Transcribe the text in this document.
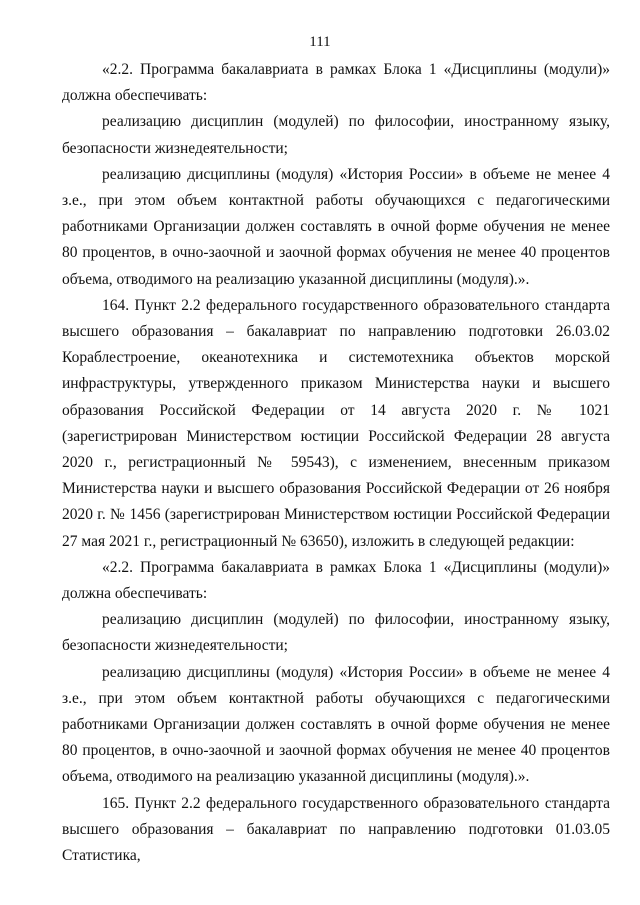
111

«2.2. Программа бакалавриата в рамках Блока 1 «Дисциплины (модули)» должна обеспечивать:

реализацию дисциплин (модулей) по философии, иностранному языку, безопасности жизнедеятельности;

реализацию дисциплины (модуля) «История России» в объеме не менее 4 з.е., при этом объем контактной работы обучающихся с педагогическими работниками Организации должен составлять в очной форме обучения не менее 80 процентов, в очно-заочной и заочной формах обучения не менее 40 процентов объема, отводимого на реализацию указанной дисциплины (модуля).».

164. Пункт 2.2 федерального государственного образовательного стандарта высшего образования – бакалавриат по направлению подготовки 26.03.02 Кораблестроение, океанотехника и системотехника объектов морской инфраструктуры, утвержденного приказом Министерства науки и высшего образования Российской Федерации от 14 августа 2020 г. № 1021 (зарегистрирован Министерством юстиции Российской Федерации 28 августа 2020 г., регистрационный № 59543), с изменением, внесенным приказом Министерства науки и высшего образования Российской Федерации от 26 ноября 2020 г. № 1456 (зарегистрирован Министерством юстиции Российской Федерации 27 мая 2021 г., регистрационный № 63650), изложить в следующей редакции:

«2.2. Программа бакалавриата в рамках Блока 1 «Дисциплины (модули)» должна обеспечивать:

реализацию дисциплин (модулей) по философии, иностранному языку, безопасности жизнедеятельности;

реализацию дисциплины (модуля) «История России» в объеме не менее 4 з.е., при этом объем контактной работы обучающихся с педагогическими работниками Организации должен составлять в очной форме обучения не менее 80 процентов, в очно-заочной и заочной формах обучения не менее 40 процентов объема, отводимого на реализацию указанной дисциплины (модуля).».

165. Пункт 2.2 федерального государственного образовательного стандарта высшего образования – бакалавриат по направлению подготовки 01.03.05 Статистика,
